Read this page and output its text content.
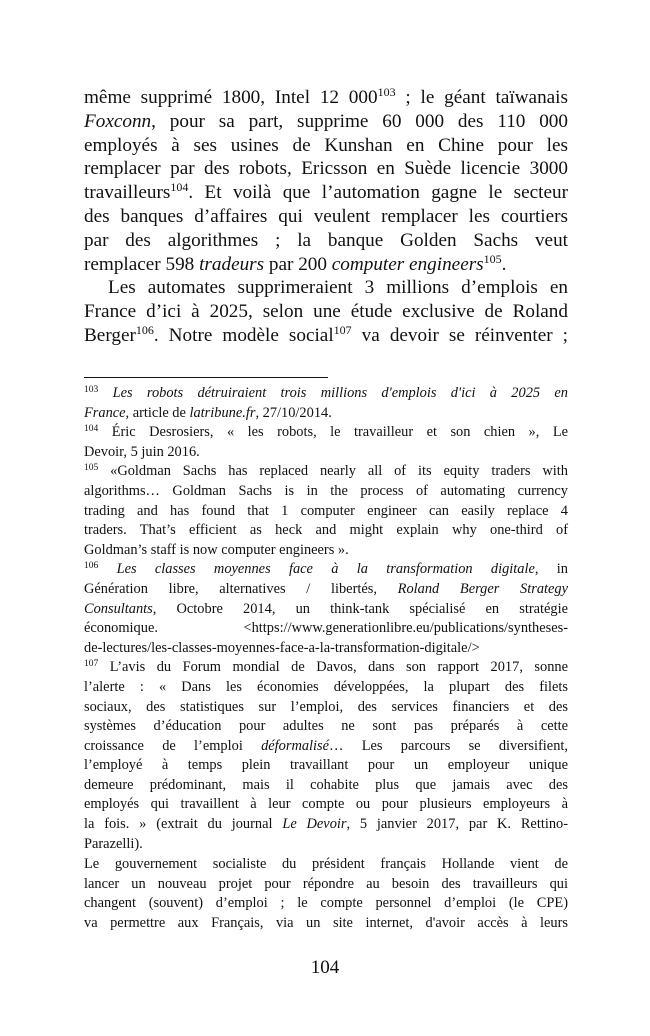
même supprimé 1800, Intel 12 $000^{103}$ ; le géant taïwanais
Foxconn, pour sa part, supprime 60 000 des 110 000
employés à ses usines de Kunshan en Chine pour les
remplacer par des robots, Ericsson en Suède licencie 3000
travailleurs$^{104}$. Et voilà que l’automation gagne le secteur
des banques d’affaires qui veulent remplacer les courtiers
par des algorithmes ; la banque Golden Sachs veut
remplacer 598 tradeurs par 200 computer engineers$^{105}$.
Les automates supprimeraient 3 millions d’emplois en
France d’ici à 2025, selon une étude exclusive de Roland
Berger$^{106}$. Notre modèle social$^{107}$ va devoir se réinventer ;
$^{103}$ Les robots détruiraient trois millions d'emplois d'ici à 2025 en
France, article de latribune.fr, 27/10/2014.
$^{104}$ Éric Desrosiers, « les robots, le travailleur et son chien », Le
Devoir, 5 juin 2016.
$^{105}$ «Goldman Sachs has replaced nearly all of its equity traders with
algorithms… Goldman Sachs is in the process of automating currency
trading and has found that 1 computer engineer can easily replace 4
traders. That’s efficient as heck and might explain why one-third of
Goldman’s staff is now computer engineers ».
$^{106}$ Les classes moyennes face à la transformation digitale, in
Génération libre, alternatives / libertés, Roland Berger Strategy
Consultants, Octobre 2014, un think-tank spécialisé en stratégie
économique. <https://www.generationlibre.eu/publications/syntheses-
de-lectures/les-classes-moyennes-face-a-la-transformation-digitale/>
$^{107}$ L’avis du Forum mondial de Davos, dans son rapport 2017, sonne
l’alerte : « Dans les économies développées, la plupart des filets
sociaux, des statistiques sur l’emploi, des services financiers et des
systèmes d’éducation pour adultes ne sont pas préparés à cette
croissance de l’emploi déformalisé… Les parcours se diversifient,
l’employé à temps plein travaillant pour un employeur unique
demeure prédominant, mais il cohabite plus que jamais avec des
employés qui travaillent à leur compte ou pour plusieurs employeurs à
la fois. » (extrait du journal Le Devoir, 5 janvier 2017, par K. Rettino-
Parazelli).
Le gouvernement socialiste du président français Hollande vient de
lancer un nouveau projet pour répondre au besoin des travailleurs qui
changent (souvent) d’emploi ; le compte personnel d’emploi (le CPE)
va permettre aux Français, via un site internet, d'avoir accès à leurs
104
